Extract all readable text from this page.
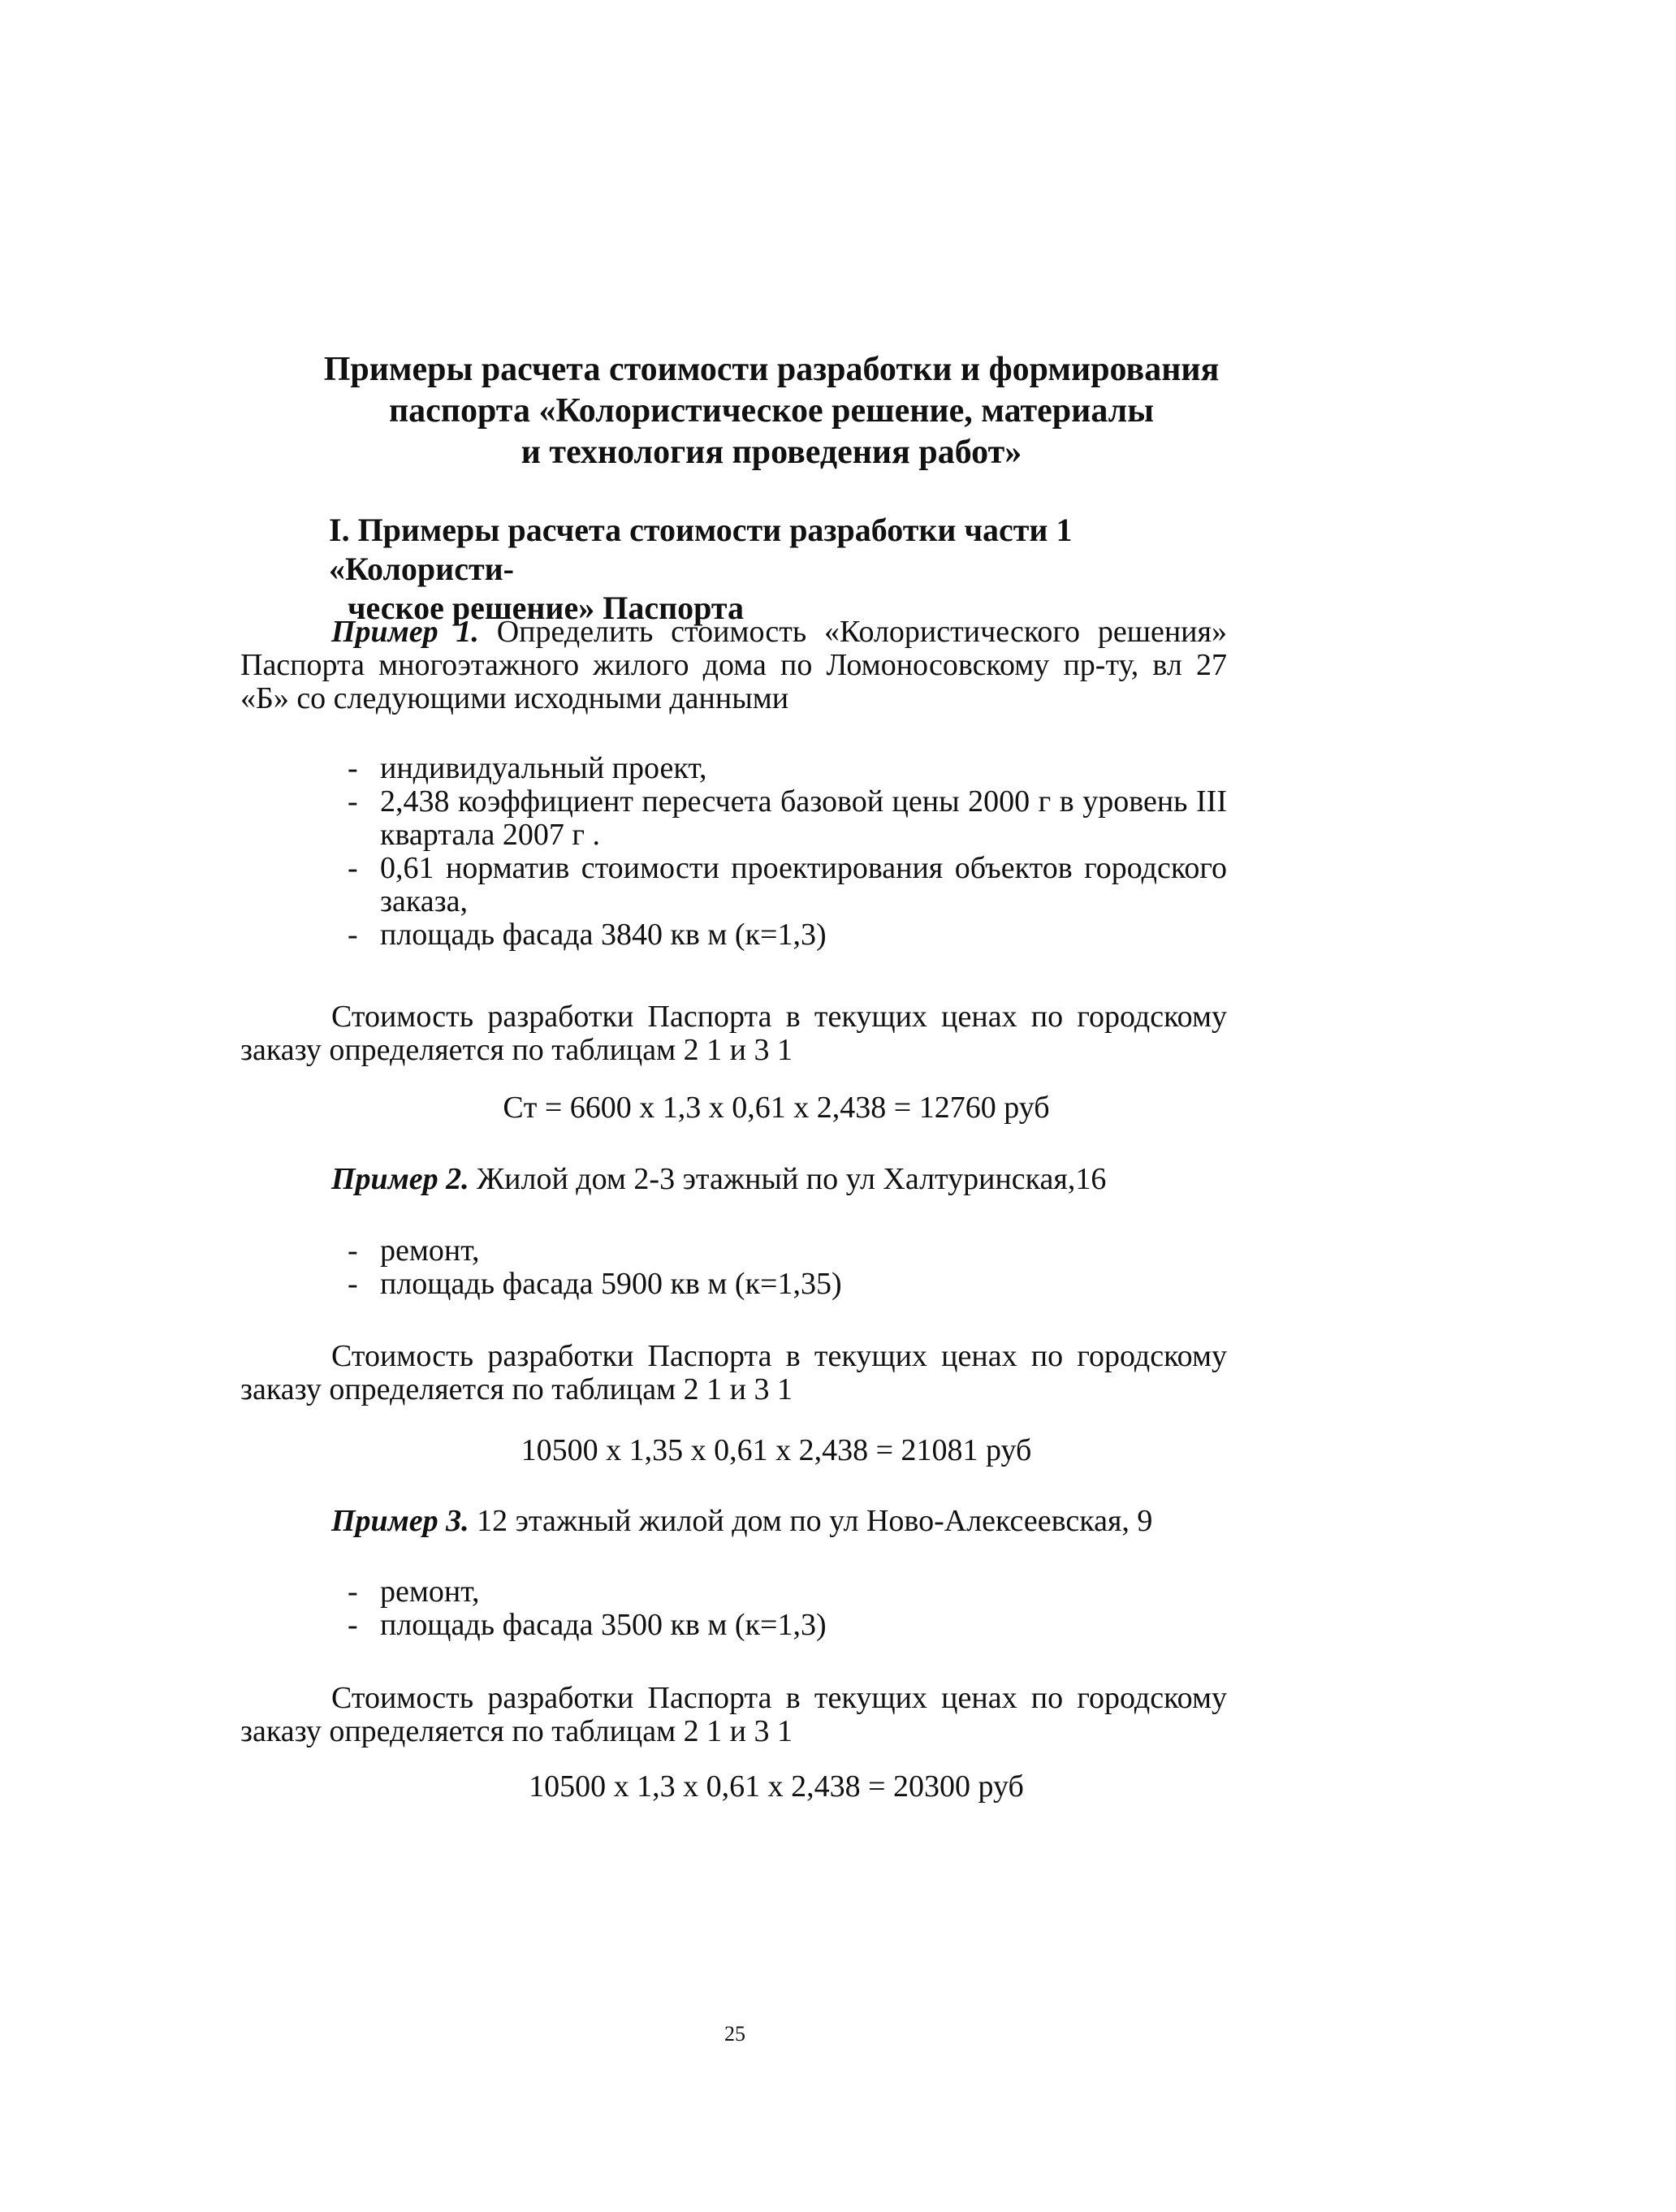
Примеры расчета стоимости разработки и формирования
паспорта «Колористическое решение, материалы
и технология проведения работ»
I. Примеры расчета стоимости разработки части 1 «Колористи-
ческое решение» Паспорта
Пример 1. Определить стоимость «Колористического решения» Паспорта многоэтажного жилого дома по Ломоносовскому пр-ту, вл 27 «Б» со следующими исходными данными
- индивидуальный проект,
- 2,438 коэффициент пересчета базовой цены 2000 г в уровень III квартала 2007 г .
- 0,61 норматив стоимости проектирования объектов городского заказа,
- площадь фасада 3840 кв м (к=1,3)
Стоимость разработки Паспорта в текущих ценах по городскому заказу определяется по таблицам 2 1 и 3 1
Cт = 6600 x 1,3 x 0,61 x 2,438 = 12760 руб
Пример 2. Жилой дом 2-3 этажный по ул Халтуринская,16
- ремонт,
- площадь фасада 5900 кв м (к=1,35)
Стоимость разработки Паспорта в текущих ценах по городскому заказу определяется по таблицам 2 1 и 3 1
10500 x 1,35 x 0,61 x 2,438 = 21081 руб
Пример 3. 12 этажный жилой дом по ул Ново-Алексеевская, 9
- ремонт,
- площадь фасада 3500 кв м (к=1,3)
Стоимость разработки Паспорта в текущих ценах по городскому заказу определяется по таблицам 2 1 и 3 1
10500 x 1,3 x 0,61 x 2,438 = 20300 руб
25
